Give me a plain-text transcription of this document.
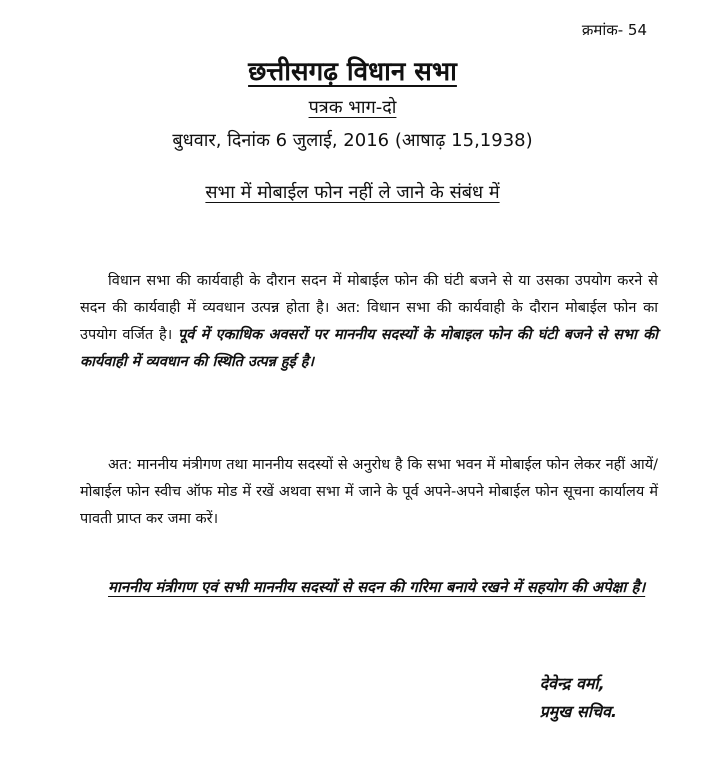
क्रमांक- 54
छत्तीसगढ़ विधान सभा
पत्रक भाग-दो
बुधवार, दिनांक 6 जुलाई, 2016 (आषाढ़ 15,1938)
सभा में मोबाईल फोन नहीं ले जाने के संबंध में
विधान सभा की कार्यवाही के दौरान सदन में मोबाईल फोन की घंटी बजने से या उसका उपयोग करने से सदन की कार्यवाही में व्यवधान उत्पन्न होता है। अत: विधान सभा की कार्यवाही के दौरान मोबाईल फोन का उपयोग वर्जित है। पूर्व में एकाधिक अवसरों पर माननीय सदस्यों के मोबाइल फोन की घंटी बजने से सभा की कार्यवाही में व्यवधान की स्थिति उत्पन्न हुई है।
अत: माननीय मंत्रीगण तथा माननीय सदस्यों से अनुरोध है कि सभा भवन में मोबाईल फोन लेकर नहीं आयें/मोबाईल फोन स्वीच ऑफ मोड में रखें अथवा सभा में जाने के पूर्व अपने-अपने मोबाईल फोन सूचना कार्यालय में पावती प्राप्त कर जमा करें।
माननीय मंत्रीगण एवं सभी माननीय सदस्यों से सदन की गरिमा बनाये रखने में सहयोग की अपेक्षा है।
देवेन्द्र वर्मा,
प्रमुख सचिव.
